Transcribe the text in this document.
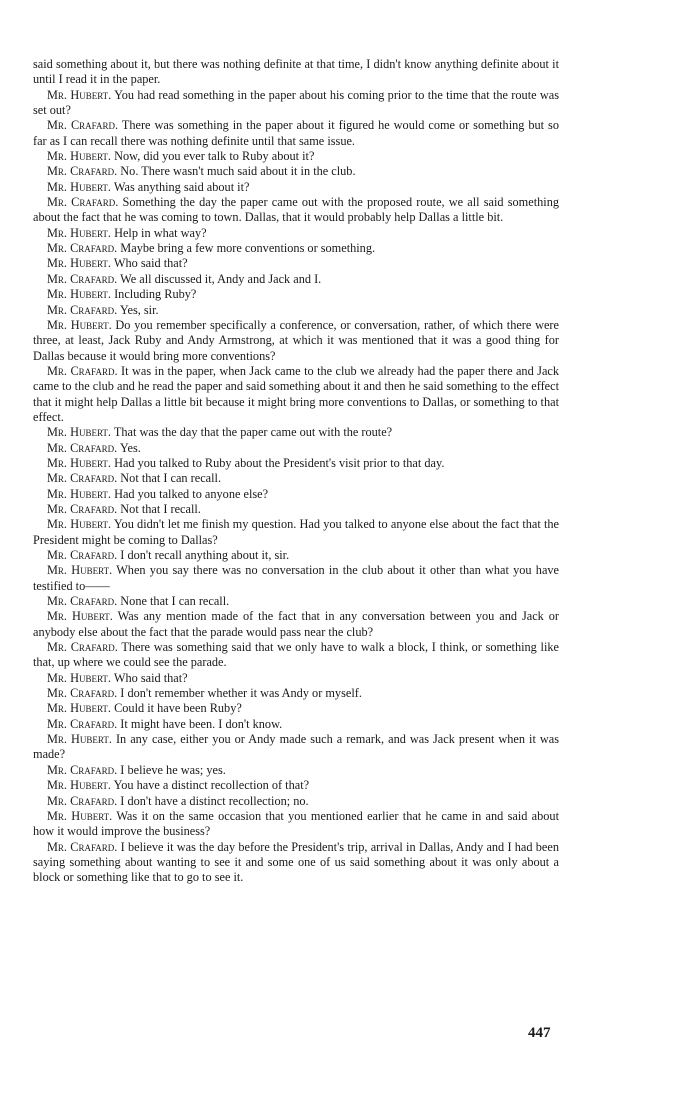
said something about it, but there was nothing definite at that time, I didn't know anything definite about it until I read it in the paper.

Mr. Hubert. You had read something in the paper about his coming prior to the time that the route was set out?

Mr. Crafard. There was something in the paper about it figured he would come or something but so far as I can recall there was nothing definite until that same issue.

Mr. Hubert. Now, did you ever talk to Ruby about it?

Mr. Crafard. No. There wasn't much said about it in the club.

Mr. Hubert. Was anything said about it?

Mr. Crafard. Something the day the paper came out with the proposed route, we all said something about the fact that he was coming to town. Dallas, that it would probably help Dallas a little bit.

Mr. Hubert. Help in what way?

Mr. Crafard. Maybe bring a few more conventions or something.

Mr. Hubert. Who said that?

Mr. Crafard. We all discussed it, Andy and Jack and I.

Mr. Hubert. Including Ruby?

Mr. Crafard. Yes, sir.

Mr. Hubert. Do you remember specifically a conference, or conversation, rather, of which there were three, at least, Jack Ruby and Andy Armstrong, at which it was mentioned that it was a good thing for Dallas because it would bring more conventions?

Mr. Crafard. It was in the paper, when Jack came to the club we already had the paper there and Jack came to the club and he read the paper and said something about it and then he said something to the effect that it might help Dallas a little bit because it might bring more conventions to Dallas, or something to that effect.

Mr. Hubert. That was the day that the paper came out with the route?

Mr. Crafard. Yes.

Mr. Hubert. Had you talked to Ruby about the President's visit prior to that day.

Mr. Crafard. Not that I can recall.

Mr. Hubert. Had you talked to anyone else?

Mr. Crafard. Not that I recall.

Mr. Hubert. You didn't let me finish my question. Had you talked to anyone else about the fact that the President might be coming to Dallas?

Mr. Crafard. I don't recall anything about it, sir.

Mr. Hubert. When you say there was no conversation in the club about it other than what you have testified to——

Mr. Crafard. None that I can recall.

Mr. Hubert. Was any mention made of the fact that in any conversation between you and Jack or anybody else about the fact that the parade would pass near the club?

Mr. Crafard. There was something said that we only have to walk a block, I think, or something like that, up where we could see the parade.

Mr. Hubert. Who said that?

Mr. Crafard. I don't remember whether it was Andy or myself.

Mr. Hubert. Could it have been Ruby?

Mr. Crafard. It might have been. I don't know.

Mr. Hubert. In any case, either you or Andy made such a remark, and was Jack present when it was made?

Mr. Crafard. I believe he was; yes.

Mr. Hubert. You have a distinct recollection of that?

Mr. Crafard. I don't have a distinct recollection; no.

Mr. Hubert. Was it on the same occasion that you mentioned earlier that he came in and said about how it would improve the business?

Mr. Crafard. I believe it was the day before the President's trip, arrival in Dallas, Andy and I had been saying something about wanting to see it and some one of us said something about it was only about a block or something like that to go to see it.

447
